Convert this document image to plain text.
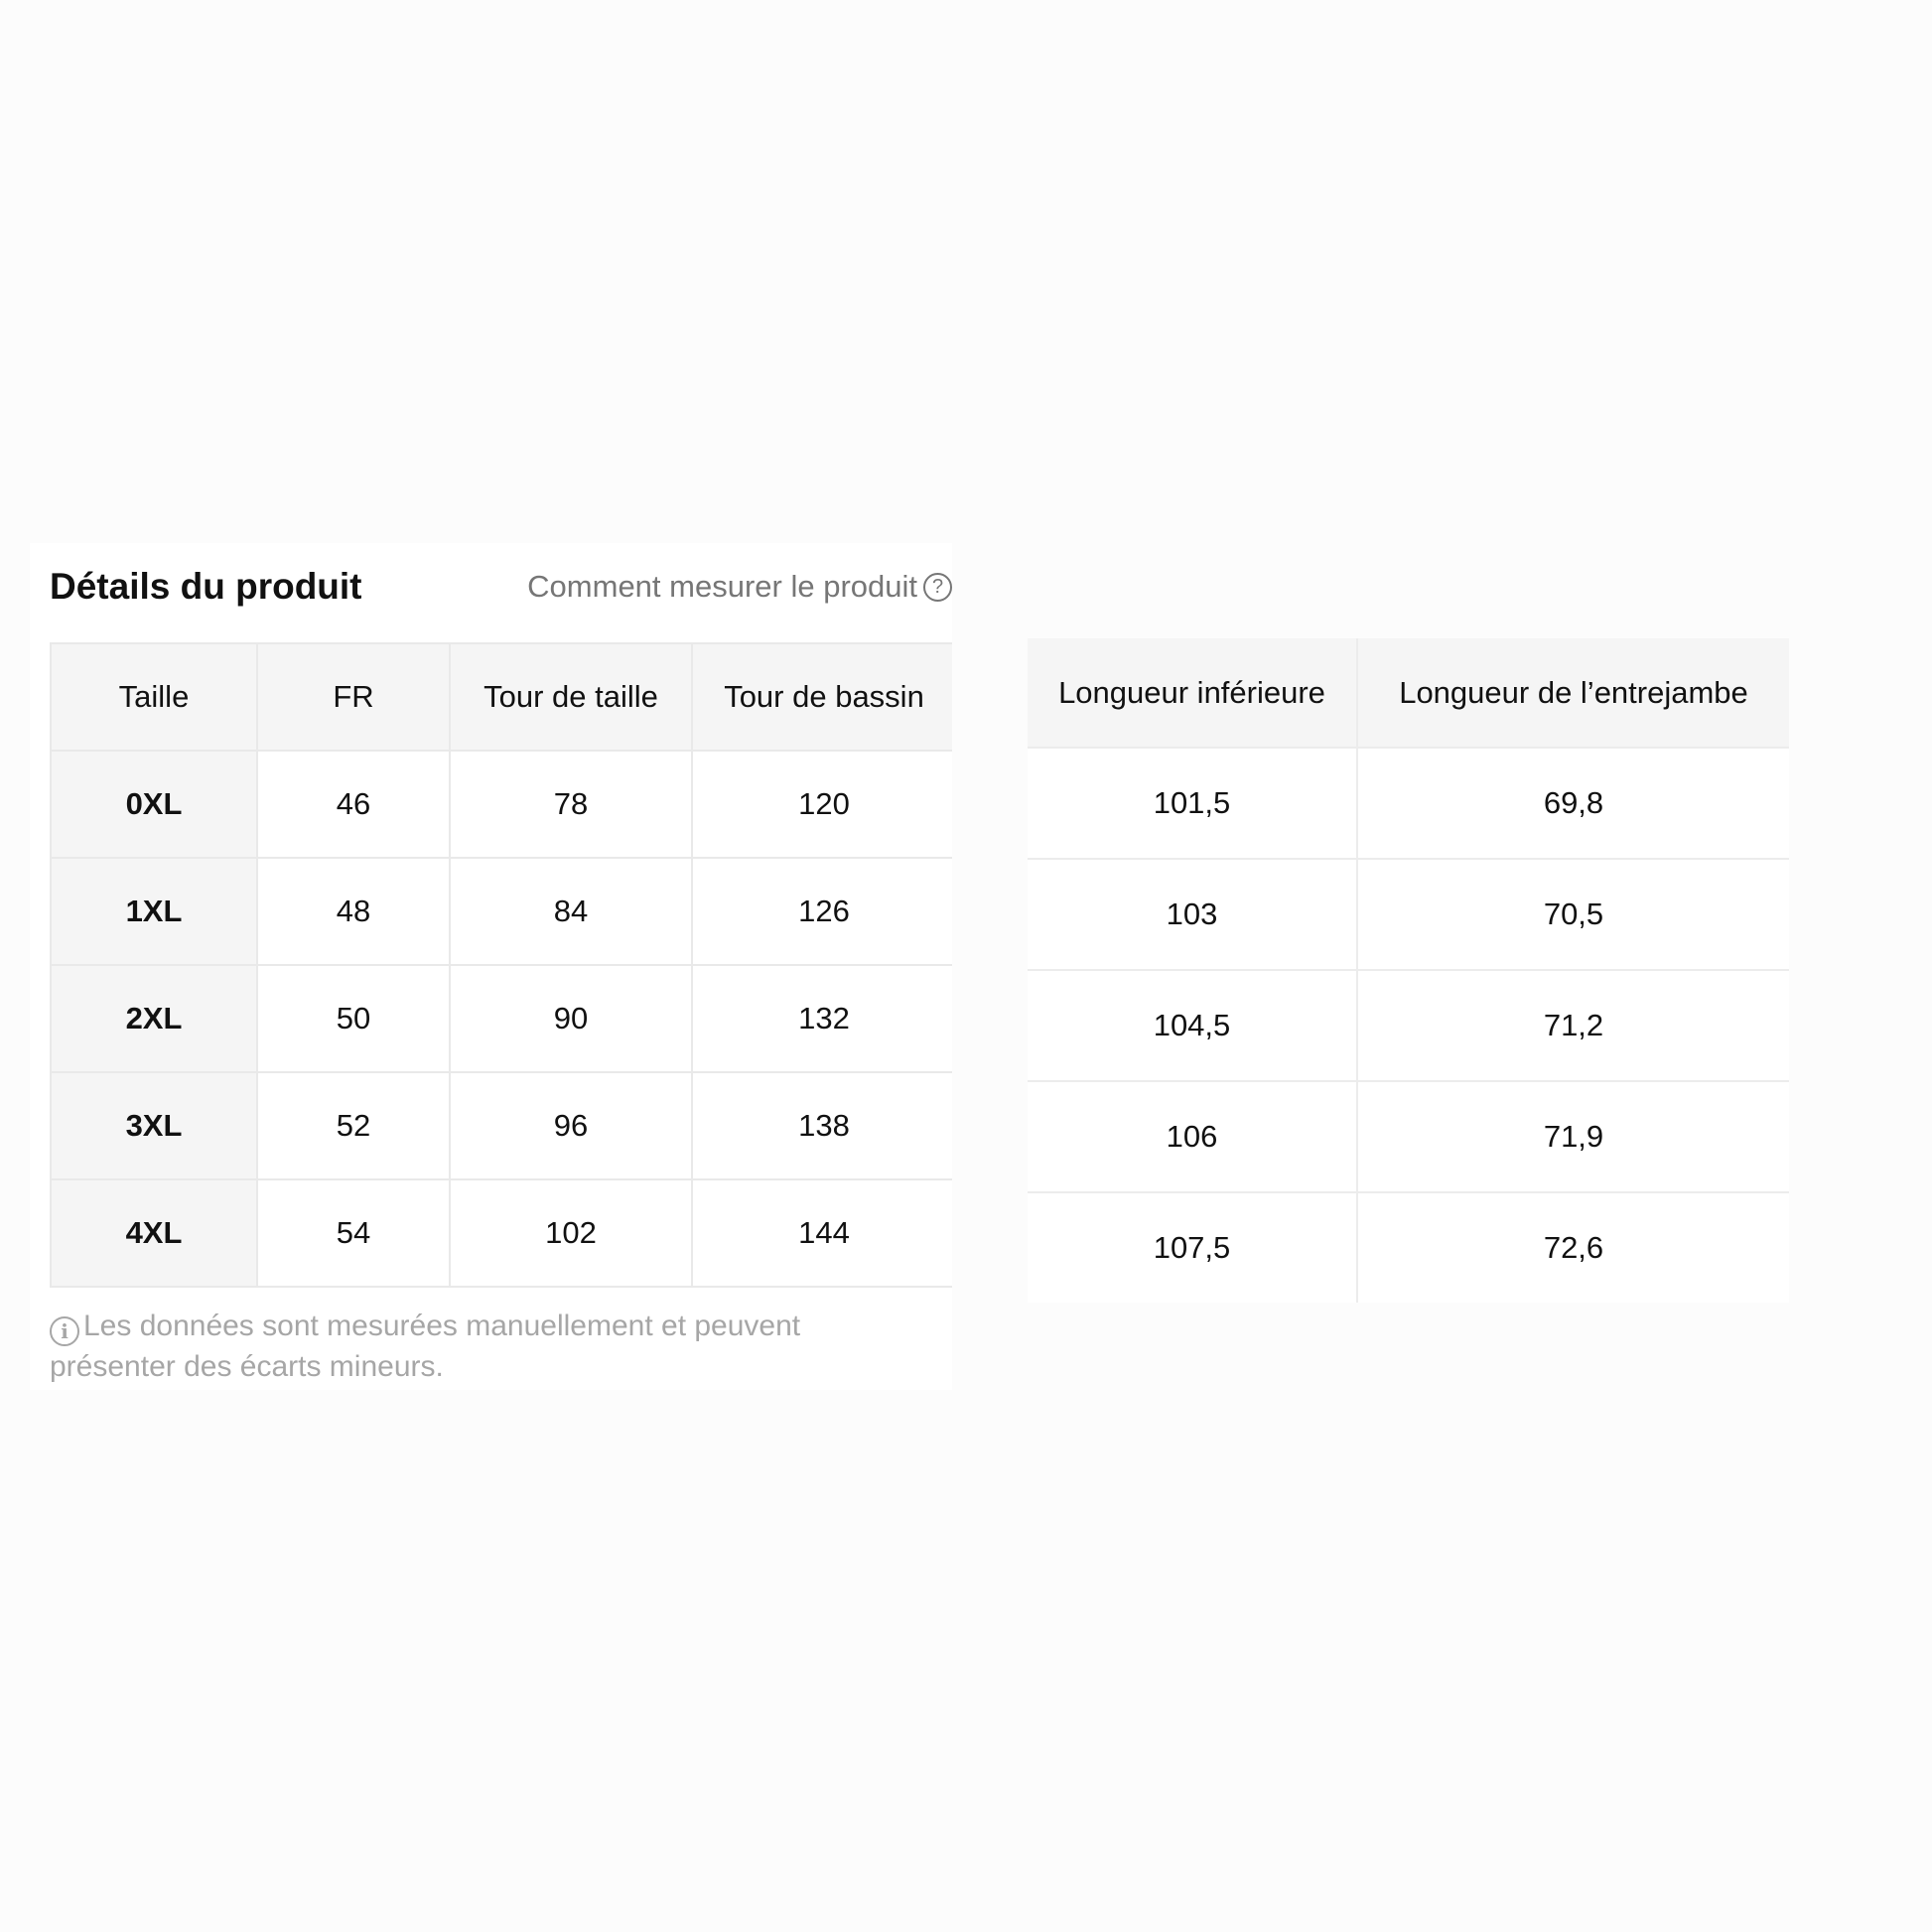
Détails du produit	Comment mesurer le produit ?
Taille	FR	Tour de taille	Tour de bassin
0XL	46	78	120
1XL	48	84	126
2XL	50	90	132
3XL	52	96	138
4XL	54	102	144
i Les données sont mesurées manuellement et peuvent présenter des écarts mineurs.
Longueur inférieure	Longueur de l’entrejambe
101,5	69,8
103	70,5
104,5	71,2
106	71,9
107,5	72,6
